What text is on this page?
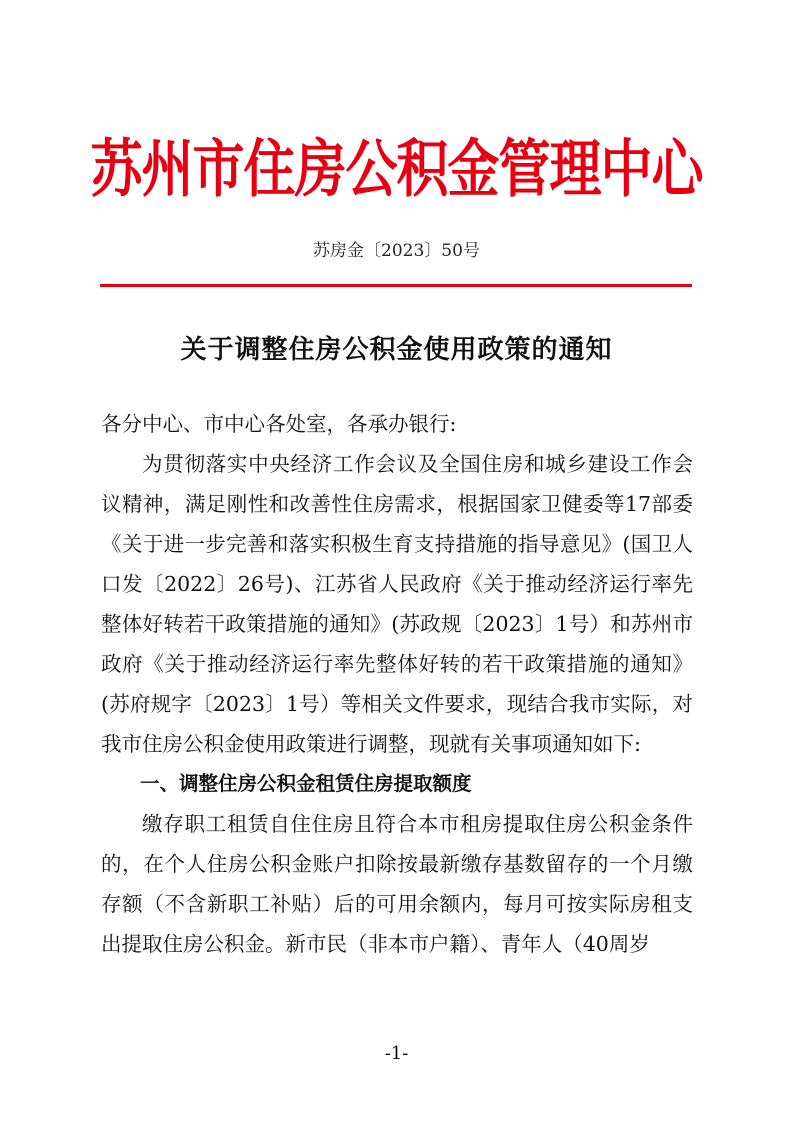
苏州市住房公积金管理中心
苏房金〔2023〕50号
关于调整住房公积金使用政策的通知

各分中心、市中心各处室，各承办银行:

为贯彻落实中央经济工作会议及全国住房和城乡建设工作会议精神，满足刚性和改善性住房需求，根据国家卫健委等17部委《关于进一步完善和落实积极生育支持措施的指导意见》(国卫人口发〔2022〕26号)、江苏省人民政府《关于推动经济运行率先整体好转若干政策措施的通知》(苏政规〔2023〕1号）和苏州市政府《关于推动经济运行率先整体好转的若干政策措施的通知》(苏府规字〔2023〕1号）等相关文件要求，现结合我市实际，对我市住房公积金使用政策进行调整，现就有关事项通知如下:

一、调整住房公积金租赁住房提取额度

缴存职工租赁自住住房且符合本市租房提取住房公积金条件的，在个人住房公积金账户扣除按最新缴存基数留存的一个月缴存额（不含新职工补贴）后的可用余额内，每月可按实际房租支出提取住房公积金。新市民（非本市户籍）、青年人（40周岁

-1-
